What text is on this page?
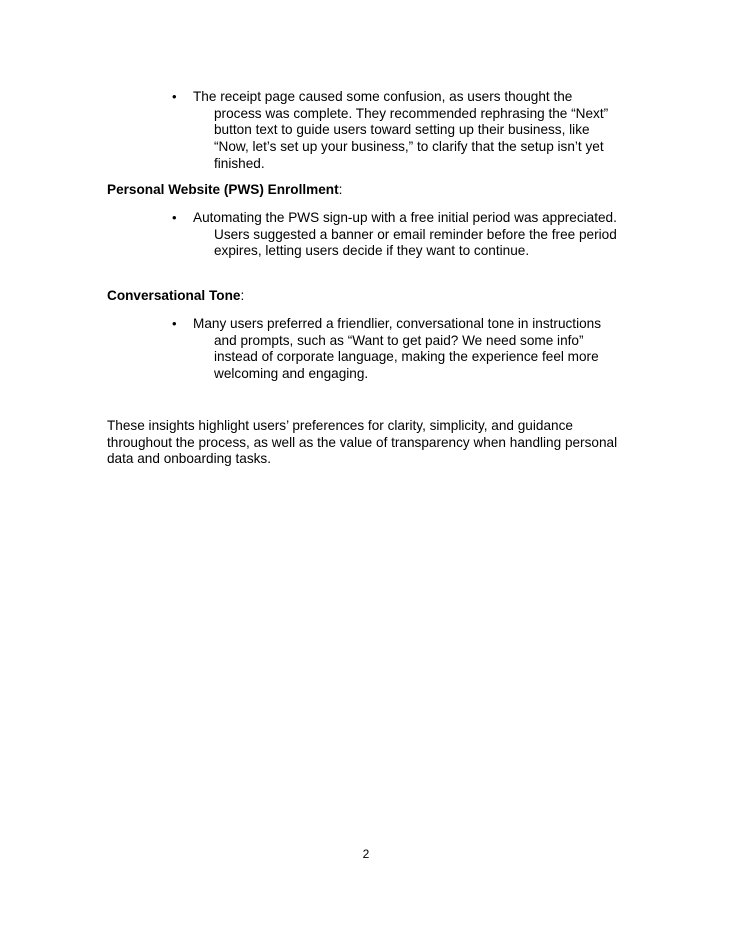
•	The receipt page caused some confusion, as users thought the process was complete. They recommended rephrasing the “Next” button text to guide users toward setting up their business, like “Now, let’s set up your business,” to clarify that the setup isn’t yet finished.

Personal Website (PWS) Enrollment:
•	Automating the PWS sign-up with a free initial period was appreciated. Users suggested a banner or email reminder before the free period expires, letting users decide if they want to continue.

Conversational Tone:
•	Many users preferred a friendlier, conversational tone in instructions and prompts, such as “Want to get paid? We need some info” instead of corporate language, making the experience feel more welcoming and engaging.

These insights highlight users’ preferences for clarity, simplicity, and guidance throughout the process, as well as the value of transparency when handling personal data and onboarding tasks.

2
